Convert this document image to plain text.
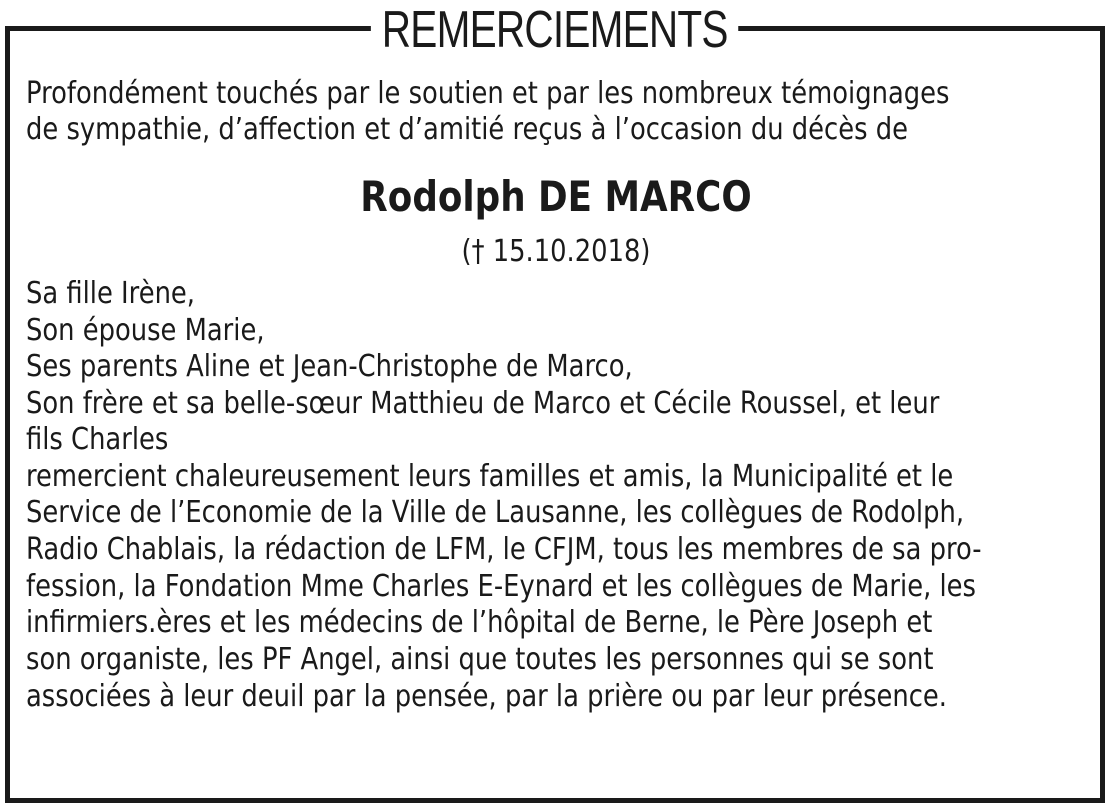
REMERCIEMENTS
Profondément touchés par le soutien et par les nombreux témoignages
de sympathie, d’affection et d’amitié reçus à l’occasion du décès de
Rodolph DE MARCO
(† 15.10.2018)
Sa fille Irène,
Son épouse Marie,
Ses parents Aline et Jean-Christophe de Marco,
Son frère et sa belle-sœur Matthieu de Marco et Cécile Roussel, et leur
fils Charles
remercient chaleureusement leurs familles et amis, la Municipalité et le
Service de l’Economie de la Ville de Lausanne, les collègues de Rodolph,
Radio Chablais, la rédaction de LFM, le CFJM, tous les membres de sa pro-
fession, la Fondation Mme Charles E-Eynard et les collègues de Marie, les
infirmiers.ères et les médecins de l’hôpital de Berne, le Père Joseph et
son organiste, les PF Angel, ainsi que toutes les personnes qui se sont
associées à leur deuil par la pensée, par la prière ou par leur présence.
